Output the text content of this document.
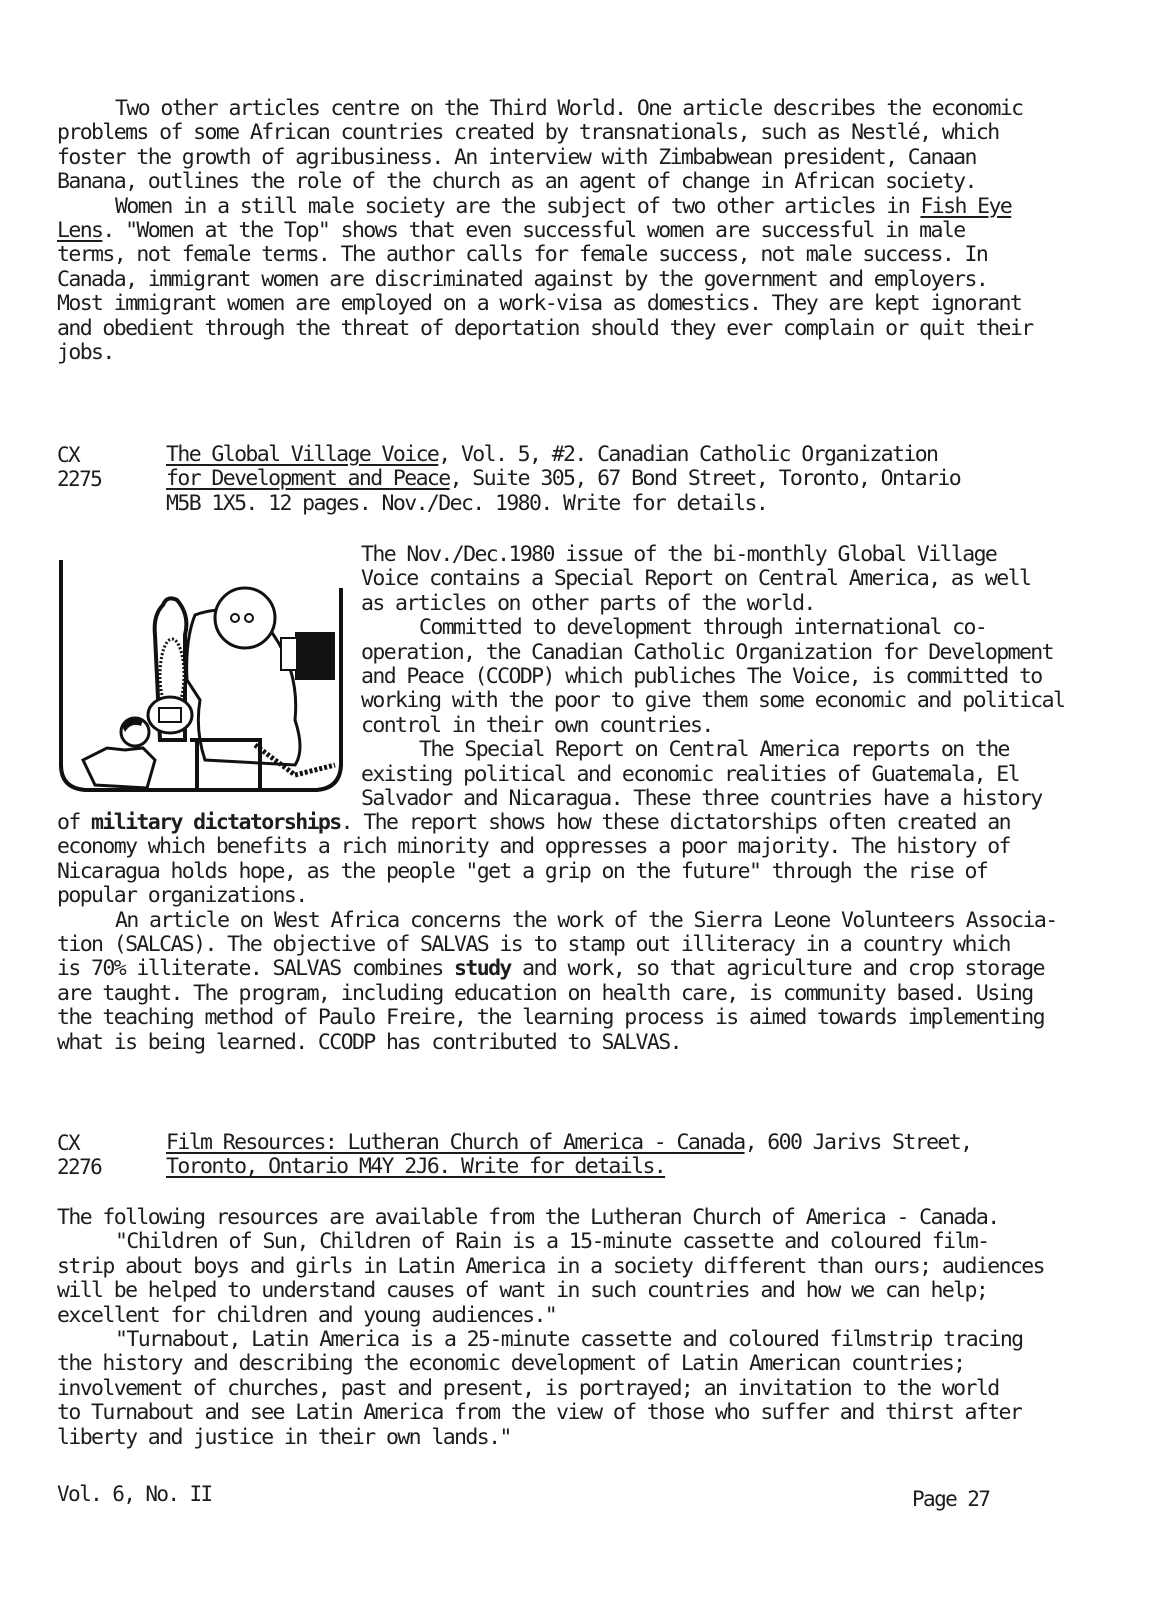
Two other articles centre on the Third World. One article describes the economic
problems of some African countries created by transnationals, such as Nestlé, which
foster the growth of agribusiness. An interview with Zimbabwean president, Canaan
Banana, outlines the role of the church as an agent of change in African society.
Women in a still male society are the subject of two other articles in Fish Eye
Lens. "Women at the Top" shows that even successful women are successful in male
terms, not female terms. The author calls for female success, not male success. In
Canada, immigrant women are discriminated against by the government and employers.
Most immigrant women are employed on a work-visa as domestics. They are kept ignorant
and obedient through the threat of deportation should they ever complain or quit their
jobs.
CX
2275
The Global Village Voice, Vol. 5, #2. Canadian Catholic Organization
for Development and Peace, Suite 305, 67 Bond Street, Toronto, Ontario
M5B 1X5. 12 pages. Nov./Dec. 1980. Write for details.
The Nov./Dec.1980 issue of the bi-monthly Global Village
Voice contains a Special Report on Central America, as well
as articles on other parts of the world.
Committed to development through international co-
operation, the Canadian Catholic Organization for Development
and Peace (CCODP) which publiches The Voice, is committed to
working with the poor to give them some economic and political
control in their own countries.
The Special Report on Central America reports on the
existing political and economic realities of Guatemala, El
Salvador and Nicaragua. These three countries have a history
of military dictatorships. The report shows how these dictatorships often created an
economy which benefits a rich minority and oppresses a poor majority. The history of
Nicaragua holds hope, as the people "get a grip on the future" through the rise of
popular organizations.
An article on West Africa concerns the work of the Sierra Leone Volunteers Associa-
tion (SALCAS). The objective of SALVAS is to stamp out illiteracy in a country which
is 70% illiterate. SALVAS combines study and work, so that agriculture and crop storage
are taught. The program, including education on health care, is community based. Using
the teaching method of Paulo Freire, the learning process is aimed towards implementing
what is being learned. CCODP has contributed to SALVAS.
CX
2276
Film Resources: Lutheran Church of America - Canada, 600 Jarivs Street,
Toronto, Ontario M4Y 2J6. Write for details.
The following resources are available from the Lutheran Church of America - Canada.
"Children of Sun, Children of Rain is a 15-minute cassette and coloured film-
strip about boys and girls in Latin America in a society different than ours; audiences
will be helped to understand causes of want in such countries and how we can help;
excellent for children and young audiences."
"Turnabout, Latin America is a 25-minute cassette and coloured filmstrip tracing
the history and describing the economic development of Latin American countries;
involvement of churches, past and present, is portrayed; an invitation to the world
to Turnabout and see Latin America from the view of those who suffer and thirst after
liberty and justice in their own lands."
Vol. 6, No. II	Page 27
